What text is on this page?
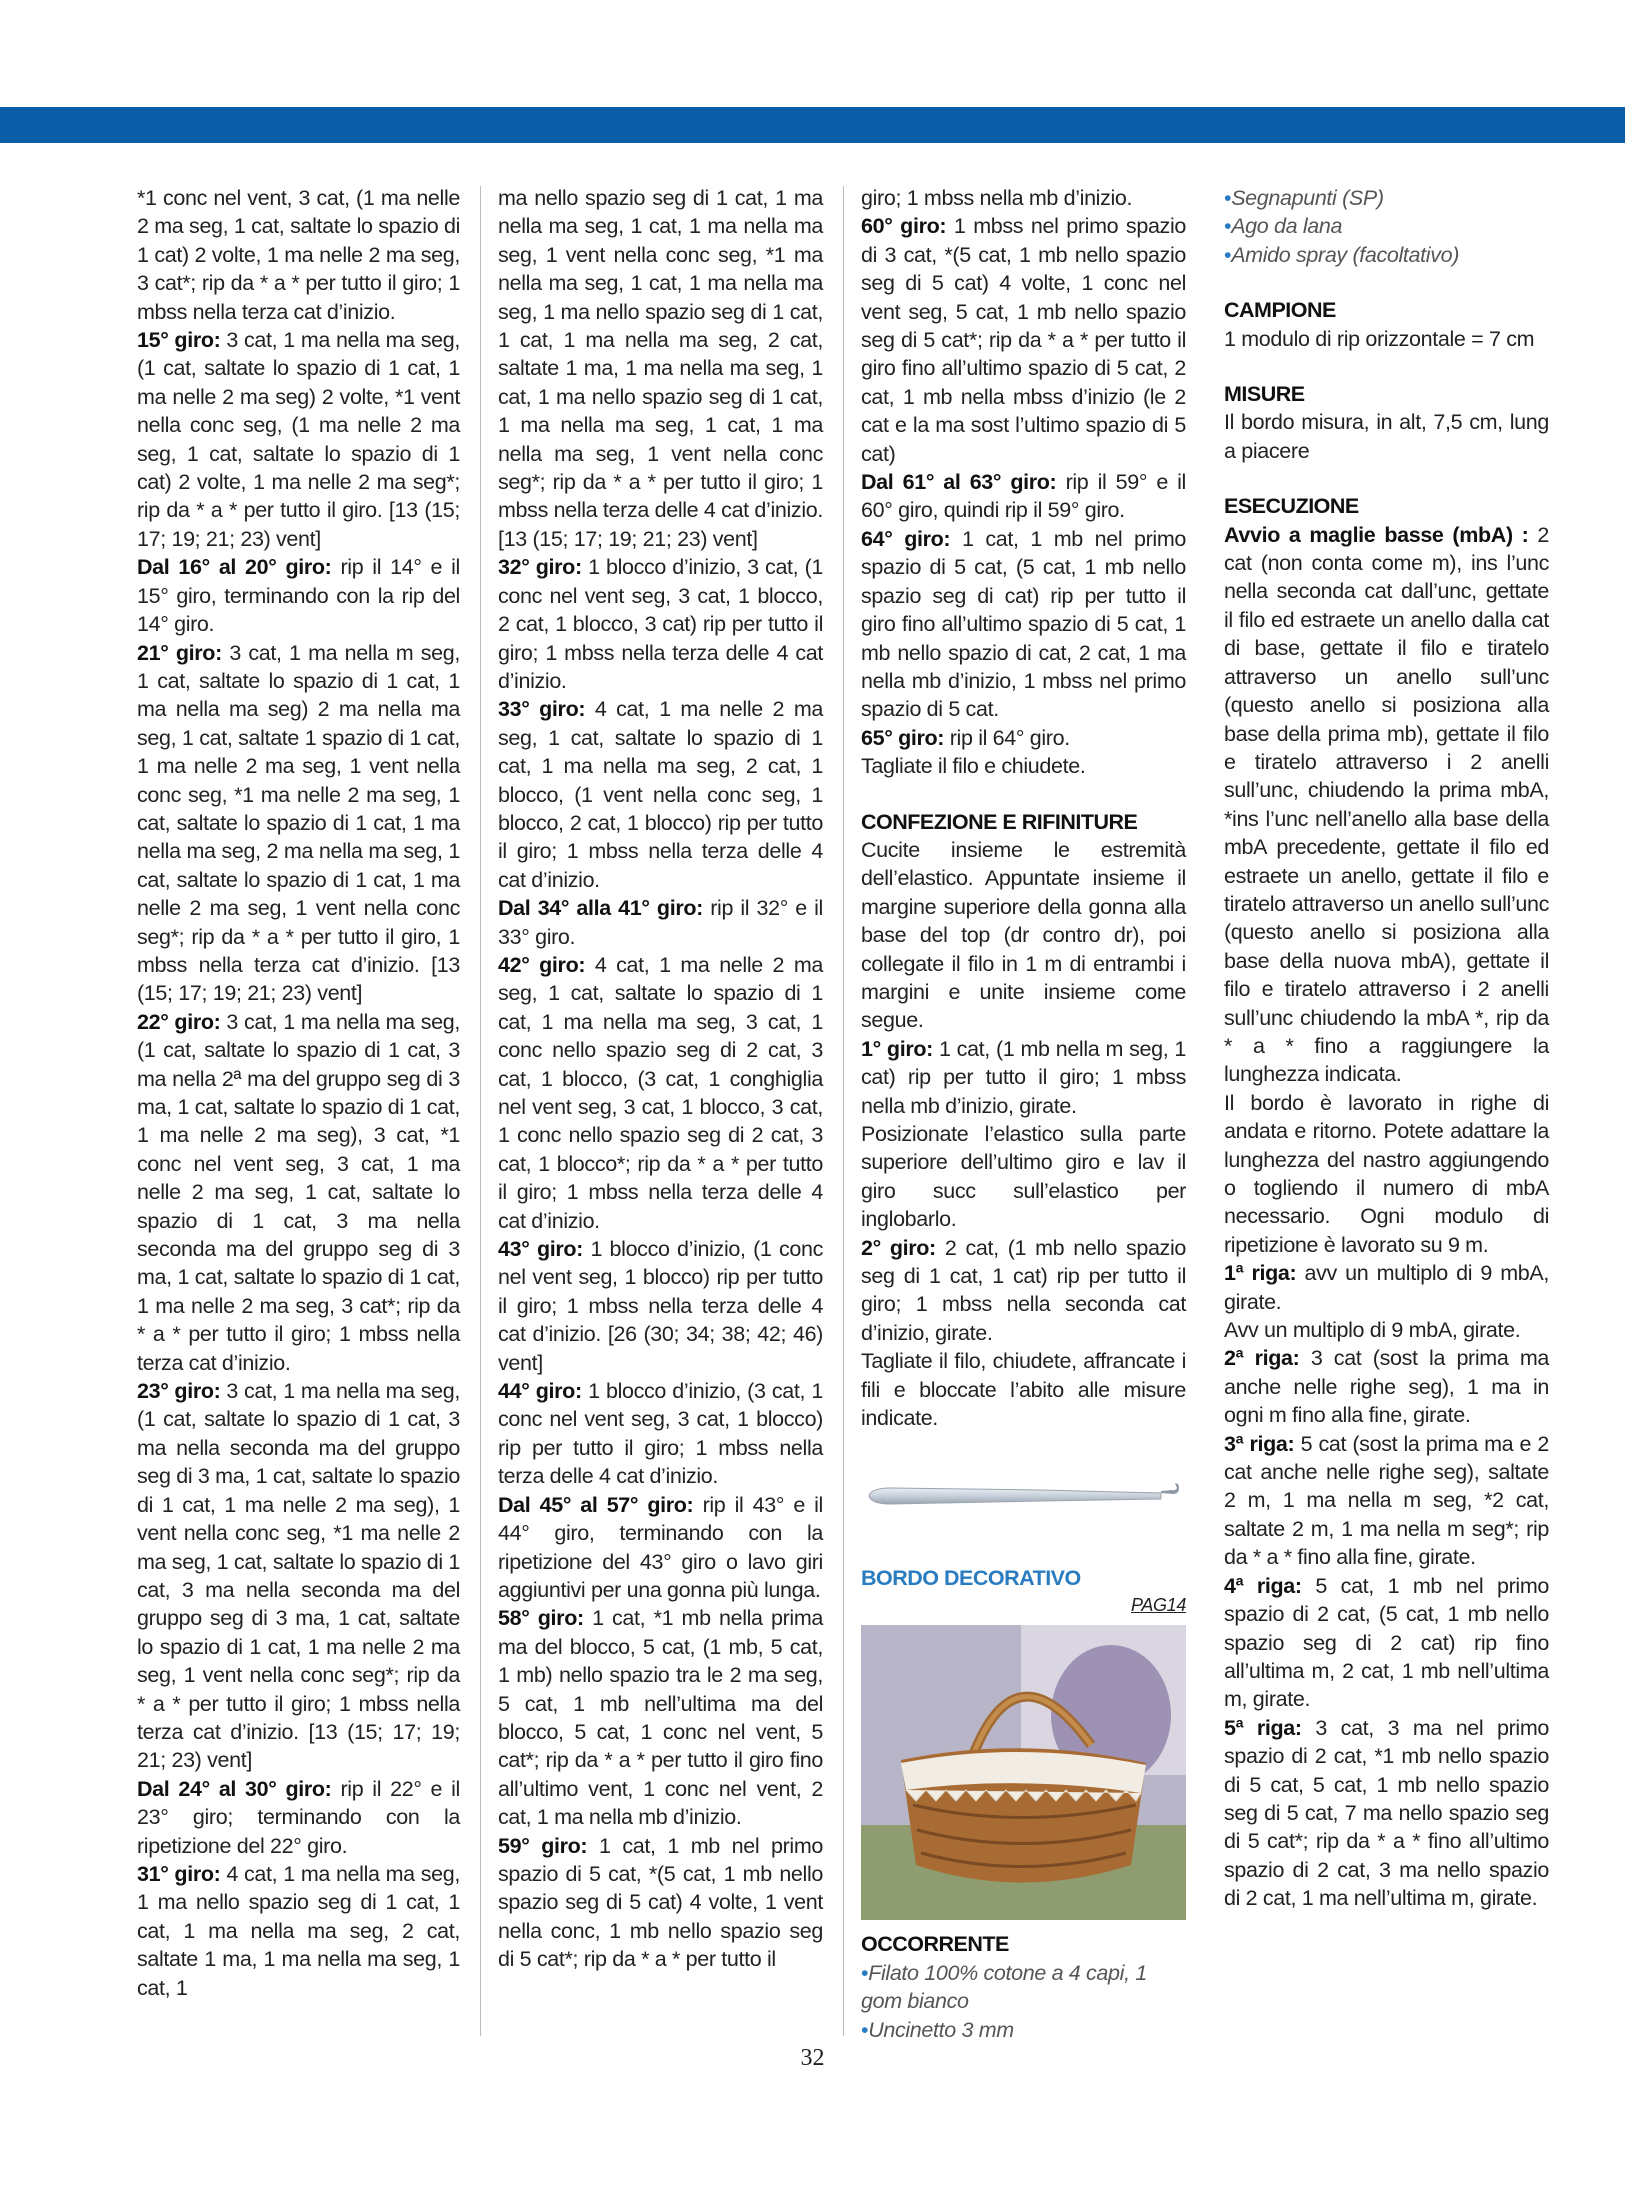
*1 conc nel vent, 3 cat, (1 ma nelle 2 ma seg, 1 cat, saltate lo spazio di 1 cat) 2 volte, 1 ma nelle 2 ma seg, 3 cat*; rip da * a * per tutto il giro; 1 mbss nella terza cat d’inizio.

15° giro: 3 cat, 1 ma nella ma seg, (1 cat, saltate lo spazio di 1 cat, 1 ma nelle 2 ma seg) 2 volte, *1 vent nella conc seg, (1 ma nelle 2 ma seg, 1 cat, saltate lo spazio di 1 cat) 2 volte, 1 ma nelle 2 ma seg*; rip da * a * per tutto il giro. [13 (15; 17; 19; 21; 23) vent]

Dal 16° al 20° giro: rip il 14° e il 15° giro, terminando con la rip del 14° giro.

21° giro: 3 cat, 1 ma nella m seg, 1 cat, saltate lo spazio di 1 cat, 1 ma nella ma seg) 2 ma nella ma seg, 1 cat, saltate 1 spazio di 1 cat, 1 ma nelle 2 ma seg, 1 vent nella conc seg, *1 ma nelle 2 ma seg, 1 cat, saltate lo spazio di 1 cat, 1 ma nella ma seg, 2 ma nella ma seg, 1 cat, saltate lo spazio di 1 cat, 1 ma nelle 2 ma seg, 1 vent nella conc seg*; rip da * a * per tutto il giro, 1 mbss nella terza cat d’inizio. [13 (15; 17; 19; 21; 23) vent]

22° giro: 3 cat, 1 ma nella ma seg, (1 cat, saltate lo spazio di 1 cat, 3 ma nella 2ª ma del gruppo seg di 3 ma, 1 cat, saltate lo spazio di 1 cat, 1 ma nelle 2 ma seg), 3 cat, *1 conc nel vent seg, 3 cat, 1 ma nelle 2 ma seg, 1 cat, saltate lo spazio di 1 cat, 3 ma nella seconda ma del gruppo seg di 3 ma, 1 cat, saltate lo spazio di 1 cat, 1 ma nelle 2 ma seg, 3 cat*; rip da * a * per tutto il giro; 1 mbss nella terza cat d’inizio.

23° giro: 3 cat, 1 ma nella ma seg, (1 cat, saltate lo spazio di 1 cat, 3 ma nella seconda ma del gruppo seg di 3 ma, 1 cat, saltate lo spazio di 1 cat, 1 ma nelle 2 ma seg), 1 vent nella conc seg, *1 ma nelle 2 ma seg, 1 cat, saltate lo spazio di 1 cat, 3 ma nella seconda ma del gruppo seg di 3 ma, 1 cat, saltate lo spazio di 1 cat, 1 ma nelle 2 ma seg, 1 vent nella conc seg*; rip da * a * per tutto il giro; 1 mbss nella terza cat d’inizio. [13 (15; 17; 19; 21; 23) vent]

Dal 24° al 30° giro: rip il 22° e il 23° giro; terminando con la ripetizione del 22° giro.

31° giro: 4 cat, 1 ma nella ma seg, 1 ma nello spazio seg di 1 cat, 1 cat, 1 ma nella ma seg, 2 cat, saltate 1 ma, 1 ma nella ma seg, 1 cat, 1

ma nello spazio seg di 1 cat, 1 ma nella ma seg, 1 cat, 1 ma nella ma seg, 1 vent nella conc seg, *1 ma nella ma seg, 1 cat, 1 ma nella ma seg, 1 ma nello spazio seg di 1 cat, 1 cat, 1 ma nella ma seg, 2 cat, saltate 1 ma, 1 ma nella ma seg, 1 cat, 1 ma nello spazio seg di 1 cat, 1 ma nella ma seg, 1 cat, 1 ma nella ma seg, 1 vent nella conc seg*; rip da * a * per tutto il giro; 1 mbss nella terza delle 4 cat d’inizio. [13 (15; 17; 19; 21; 23) vent]

32° giro: 1 blocco d’inizio, 3 cat, (1 conc nel vent seg, 3 cat, 1 blocco, 2 cat, 1 blocco, 3 cat) rip per tutto il giro; 1 mbss nella terza delle 4 cat d’inizio.

33° giro: 4 cat, 1 ma nelle 2 ma seg, 1 cat, saltate lo spazio di 1 cat, 1 ma nella ma seg, 2 cat, 1 blocco, (1 vent nella conc seg, 1 blocco, 2 cat, 1 blocco) rip per tutto il giro; 1 mbss nella terza delle 4 cat d’inizio.

Dal 34° alla 41° giro: rip il 32° e il 33° giro.

42° giro: 4 cat, 1 ma nelle 2 ma seg, 1 cat, saltate lo spazio di 1 cat, 1 ma nella ma seg, 3 cat, 1 conc nello spazio seg di 2 cat, 3 cat, 1 blocco, (3 cat, 1 conghiglia nel vent seg, 3 cat, 1 blocco, 3 cat, 1 conc nello spazio seg di 2 cat, 3 cat, 1 blocco*; rip da * a * per tutto il giro; 1 mbss nella terza delle 4 cat d’inizio.

43° giro: 1 blocco d’inizio, (1 conc nel vent seg, 1 blocco) rip per tutto il giro; 1 mbss nella terza delle 4 cat d’inizio. [26 (30; 34; 38; 42; 46) vent]

44° giro: 1 blocco d’inizio, (3 cat, 1 conc nel vent seg, 3 cat, 1 blocco) rip per tutto il giro; 1 mbss nella terza delle 4 cat d’inizio.

Dal 45° al 57° giro: rip il 43° e il 44° giro, terminando con la ripetizione del 43° giro o lavo giri aggiuntivi per una gonna più lunga.

58° giro: 1 cat, *1 mb nella prima ma del blocco, 5 cat, (1 mb, 5 cat, 1 mb) nello spazio tra le 2 ma seg, 5 cat, 1 mb nell’ultima ma del blocco, 5 cat, 1 conc nel vent, 5 cat*; rip da * a * per tutto il giro fino all’ultimo vent, 1 conc nel vent, 2 cat, 1 ma nella mb d’inizio.

59° giro: 1 cat, 1 mb nel primo spazio di 5 cat, *(5 cat, 1 mb nello spazio seg di 5 cat) 4 volte, 1 vent nella conc, 1 mb nello spazio seg di 5 cat*; rip da * a * per tutto il

giro; 1 mbss nella mb d’inizio.

60° giro: 1 mbss nel primo spazio di 3 cat, *(5 cat, 1 mb nello spazio seg di 5 cat) 4 volte, 1 conc nel vent seg, 5 cat, 1 mb nello spazio seg di 5 cat*; rip da * a * per tutto il giro fino all’ultimo spazio di 5 cat, 2 cat, 1 mb nella mbss d’inizio (le 2 cat e la ma sost l’ultimo spazio di 5 cat)

Dal 61° al 63° giro: rip il 59° e il 60° giro, quindi rip il 59° giro.

64° giro: 1 cat, 1 mb nel primo spazio di 5 cat, (5 cat, 1 mb nello spazio seg di cat) rip per tutto il giro fino all’ultimo spazio di 5 cat, 1 mb nello spazio di cat, 2 cat, 1 ma nella mb d’inizio, 1 mbss nel primo spazio di 5 cat.

65° giro: rip il 64° giro.

Tagliate il filo e chiudete.

CONFEZIONE E RIFINITURE

Cucite insieme le estremità dell’elastico. Appuntate insieme il margine superiore della gonna alla base del top (dr contro dr), poi collegate il filo in 1 m di entrambi i margini e unite insieme come segue.

1° giro: 1 cat, (1 mb nella m seg, 1 cat) rip per tutto il giro; 1 mbss nella mb d’inizio, girate.

Posizionate l’elastico sulla parte superiore dell’ultimo giro e lav il giro succ sull’elastico per inglobarlo.

2° giro: 2 cat, (1 mb nello spazio seg di 1 cat, 1 cat) rip per tutto il giro; 1 mbss nella seconda cat d’inizio, girate.

Tagliate il filo, chiudete, affrancate i fili e bloccate l’abito alle misure indicate.

BORDO DECORATIVO

PAG14

OCCORRENTE

•Filato 100% cotone a 4 capi, 1 gom bianco

•Uncinetto 3 mm

•Segnapunti (SP)

•Ago da lana

•Amido spray (facoltativo)

CAMPIONE

1 modulo di rip orizzontale = 7 cm

MISURE

Il bordo misura, in alt, 7,5 cm, lung a piacere

ESECUZIONE

Avvio a maglie basse (mbA) : 2 cat (non conta come m), ins l’unc nella seconda cat dall’unc, gettate il filo ed estraete un anello dalla cat di base, gettate il filo e tiratelo attraverso un anello sull’unc (questo anello si posiziona alla base della prima mb), gettate il filo e tiratelo attraverso i 2 anelli sull’unc, chiudendo la prima mbA, *ins l’unc nell’anello alla base della mbA precedente, gettate il filo ed estraete un anello, gettate il filo e tiratelo attraverso un anello sull’unc (questo anello si posiziona alla base della nuova mbA), gettate il filo e tiratelo attraverso i 2 anelli sull’unc chiudendo la mbA *, rip da * a * fino a raggiungere la lunghezza indicata.

Il bordo è lavorato in righe di andata e ritorno. Potete adattare la lunghezza del nastro aggiungendo o togliendo il numero di mbA necessario. Ogni modulo di ripetizione è lavorato su 9 m.

1ª riga: avv un multiplo di 9 mbA, girate.

Avv un multiplo di 9 mbA, girate.

2ª riga: 3 cat (sost la prima ma anche nelle righe seg), 1 ma in ogni m fino alla fine, girate.

3ª riga: 5 cat (sost la prima ma e 2 cat anche nelle righe seg), saltate 2 m, 1 ma nella m seg, *2 cat, saltate 2 m, 1 ma nella m seg*; rip da * a * fino alla fine, girate.

4ª riga: 5 cat, 1 mb nel primo spazio di 2 cat, (5 cat, 1 mb nello spazio seg di 2 cat) rip fino all’ultima m, 2 cat, 1 mb nell’ultima m, girate.

5ª riga: 3 cat, 3 ma nel primo spazio di 2 cat, *1 mb nello spazio di 5 cat, 5 cat, 1 mb nello spazio seg di 5 cat, 7 ma nello spazio seg di 5 cat*; rip da * a * fino all’ultimo spazio di 2 cat, 3 ma nello spazio di 2 cat, 1 ma nell’ultima m, girate.

32
